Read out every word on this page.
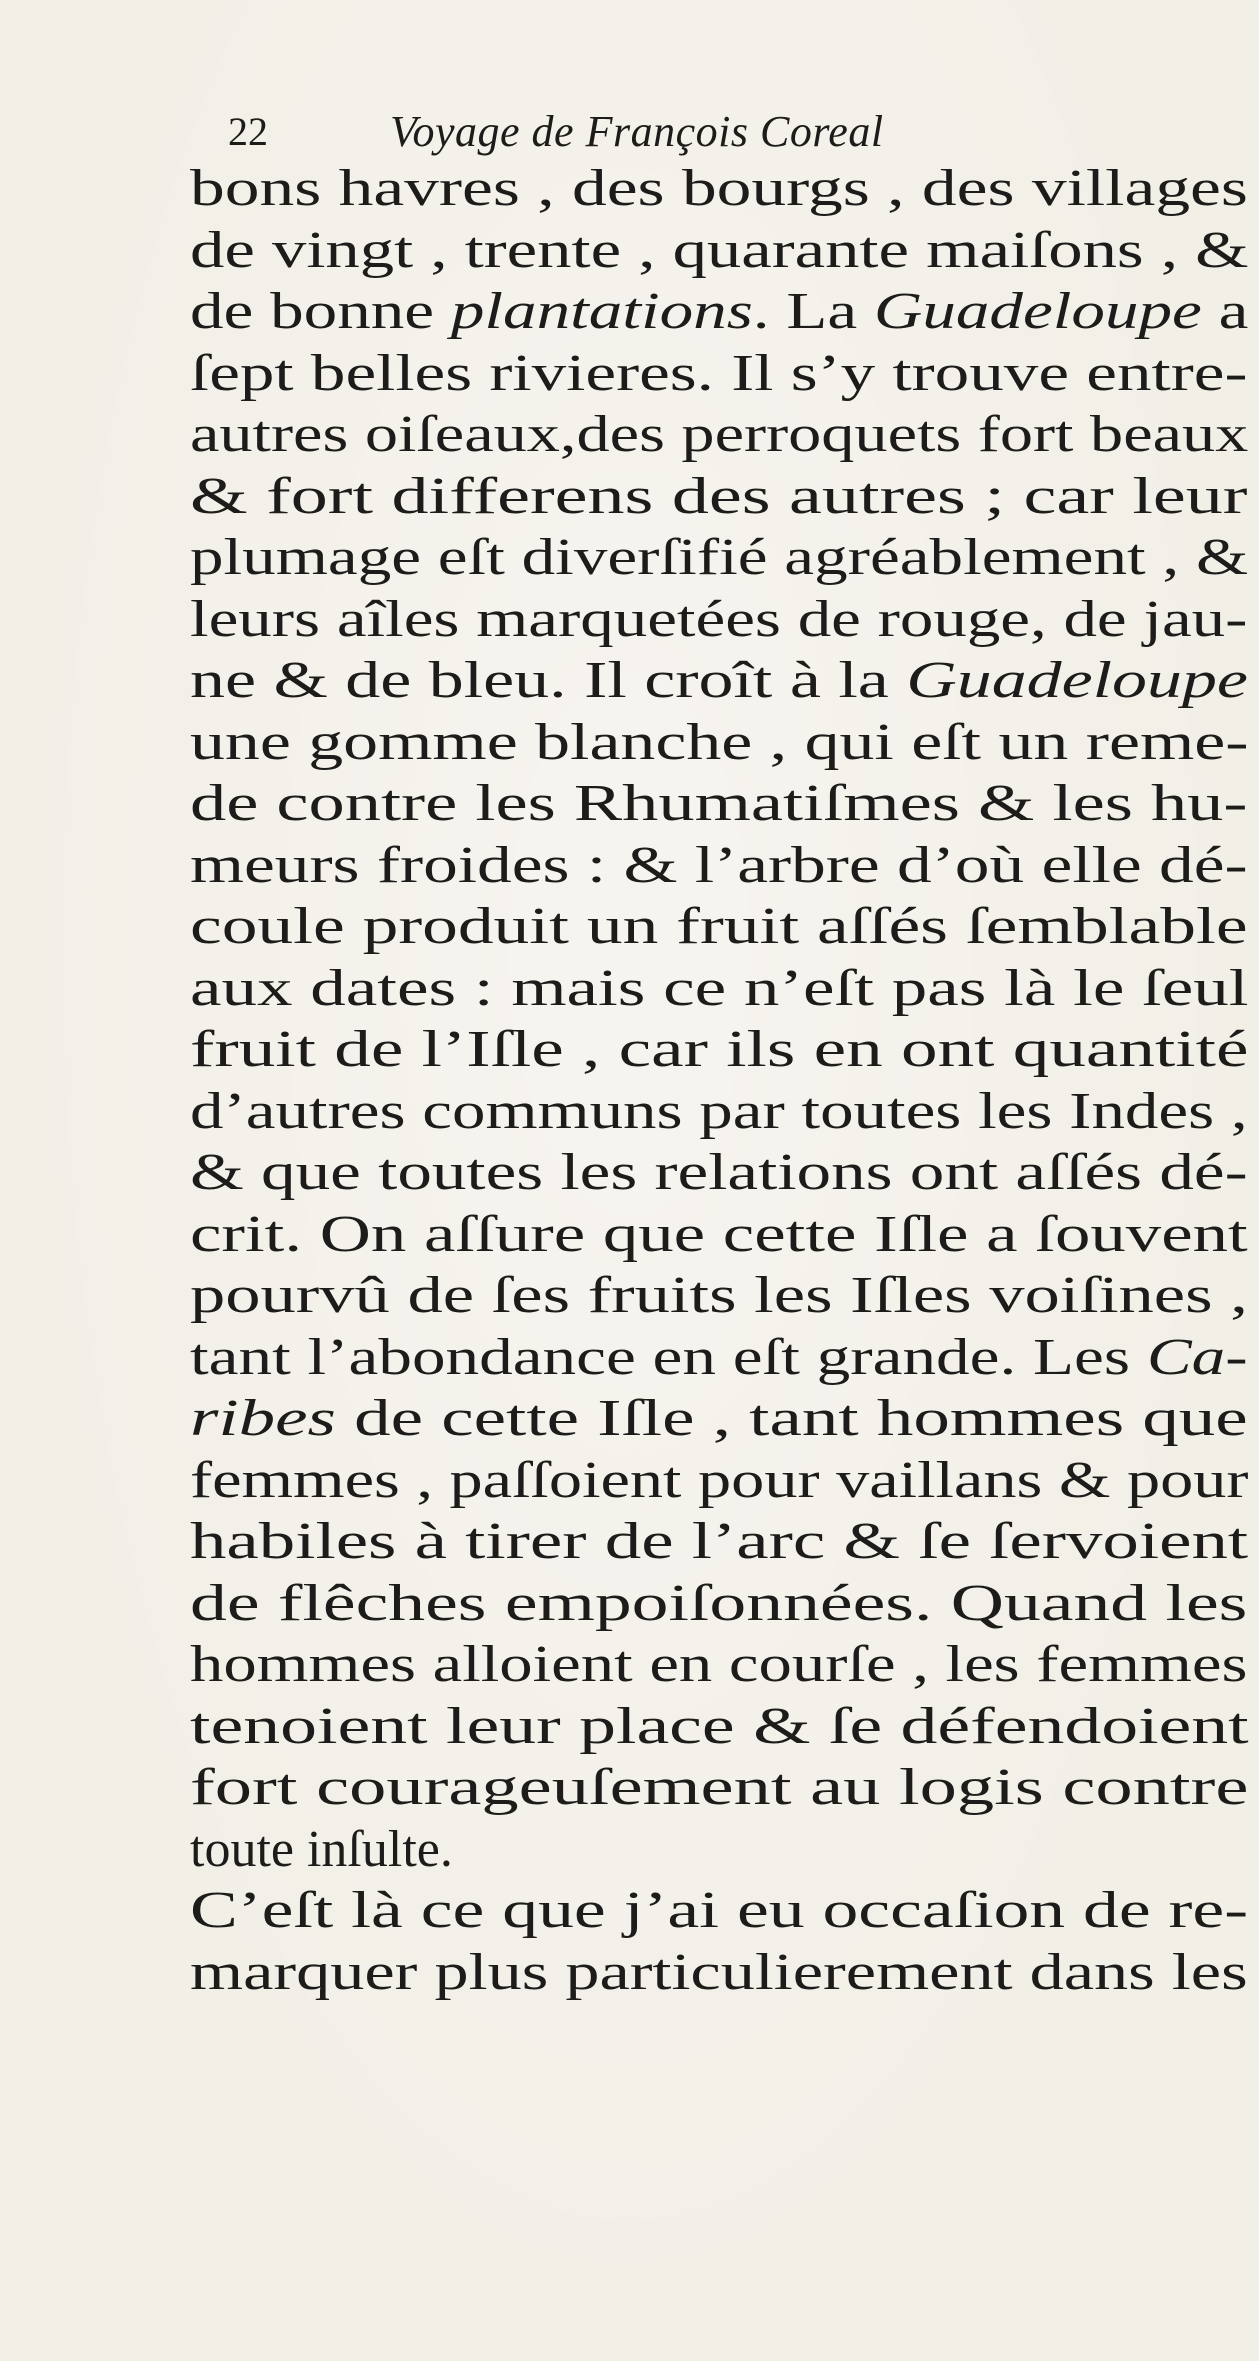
22	Voyage de François Coreal
bons havres , des bourgs , des villages
de vingt , trente , quarante maiſons , &
de bonne plantations. La Guadeloupe a
ſept belles rivieres. Il s’y trouve entre-
autres oiſeaux,des perroquets fort beaux
& fort differens des autres ; car leur
plumage eſt diverſifié agréablement , &
leurs aîles marquetées de rouge, de jau-
ne & de bleu. Il croît à la Guadeloupe
une gomme blanche , qui eſt un reme-
de contre les Rhumatiſmes & les hu-
meurs froides : & l’arbre d’où elle dé-
coule produit un fruit aſſés ſemblable
aux dates : mais ce n’eſt pas là le ſeul
fruit de l’Iſle , car ils en ont quantité
d’autres communs par toutes les Indes ,
& que toutes les relations ont aſſés dé-
crit. On aſſure que cette Iſle a ſouvent
pourvû de ſes fruits les Iſles voiſines ,
tant l’abondance en eſt grande. Les Ca-
ribes de cette Iſle , tant hommes que
femmes , paſſoient pour vaillans & pour
habiles à tirer de l’arc & ſe ſervoient
de flêches empoiſonnées. Quand les
hommes alloient en courſe , les femmes
tenoient leur place & ſe défendoient
fort courageuſement au logis contre
toute inſulte.
C’eſt là ce que j’ai eu occaſion de re-
marquer plus particulierement dans les
